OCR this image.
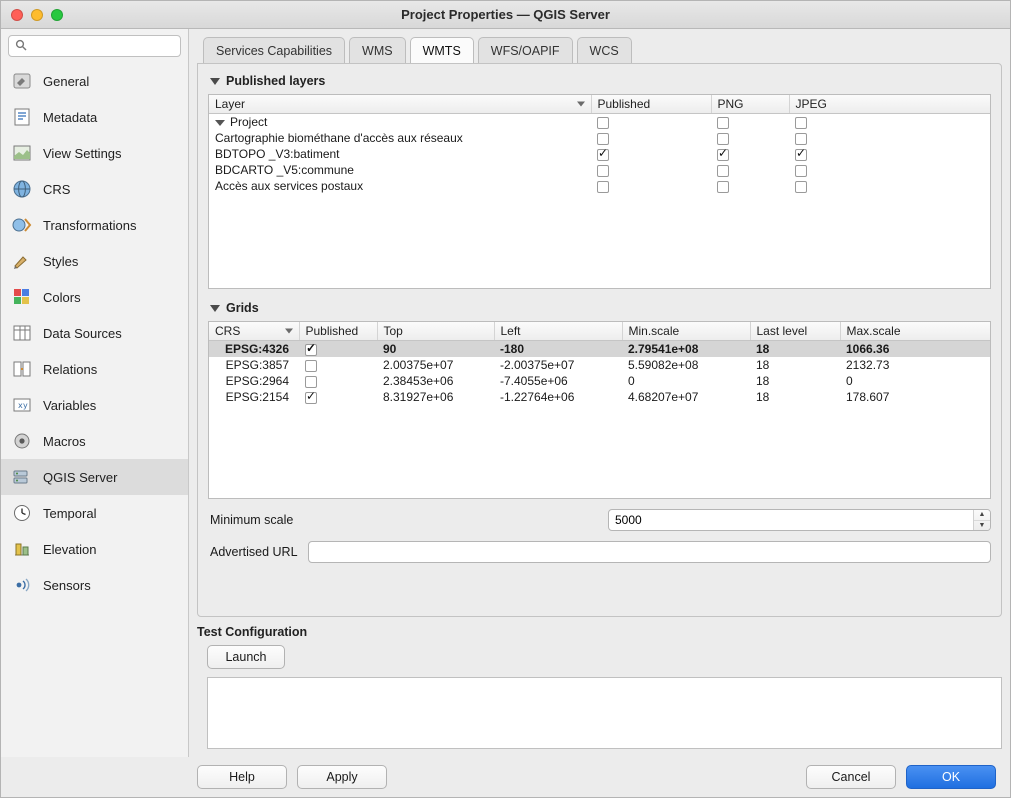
Project Properties — QGIS Server
General
Metadata
View Settings
CRS
Transformations
Styles
Colors
Data Sources
Relations
x y Variables
Macros
QGIS Server
Temporal
Elevation
Sensors
Services Capabilities	WMS	WMTS	WFS/OAPIF	WCS
Published layers
Layer	Published	PNG	JPEG
Project			
Cartographie biométhane d'accès aux réseaux			
BDTOPO _V3:batiment	✓	✓	✓
BDCARTO _V5:commune			
Accès aux services postaux			
Grids
CRS	Published	Top	Left	Min.scale	Last level	Max.scale
EPSG:4326	✓	90	-180	2.79541e+08	18	1066.36
EPSG:3857		2.00375e+07	-2.00375e+07	5.59082e+08	18	2132.73
EPSG:2964		2.38453e+06	-7.4055e+06	0	18	0
EPSG:2154	✓	8.31927e+06	-1.22764e+06	4.68207e+07	18	178.607
Minimum scale
5000	▲
▼
Advertised URL
Test Configuration
Launch
Help	Apply	Cancel	OK
